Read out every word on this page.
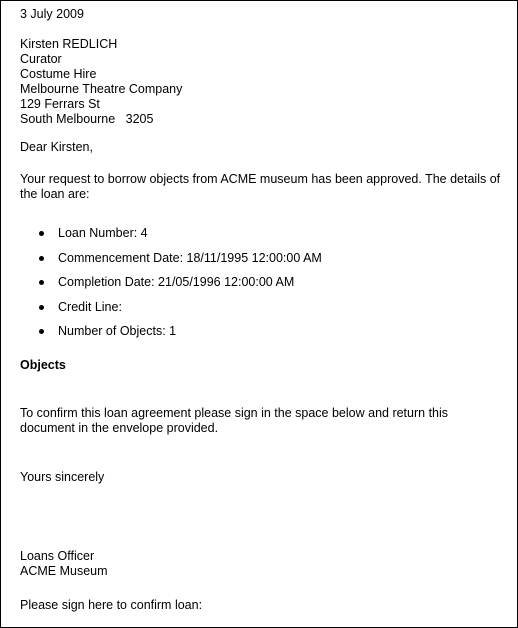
3 July 2009
Kirsten REDLICH
Curator
Costume Hire
Melbourne Theatre Company
129 Ferrars St
South Melbourne   3205
Dear Kirsten,
Your request to borrow objects from ACME museum has been approved. The details of the loan are:
Loan Number: 4
Commencement Date: 18/11/1995 12:00:00 AM
Completion Date: 21/05/1996 12:00:00 AM
Credit Line:
Number of Objects: 1
Objects
To confirm this loan agreement please sign in the space below and return this document in the envelope provided.
Yours sincerely
Loans Officer
ACME Museum
Please sign here to confirm loan:
